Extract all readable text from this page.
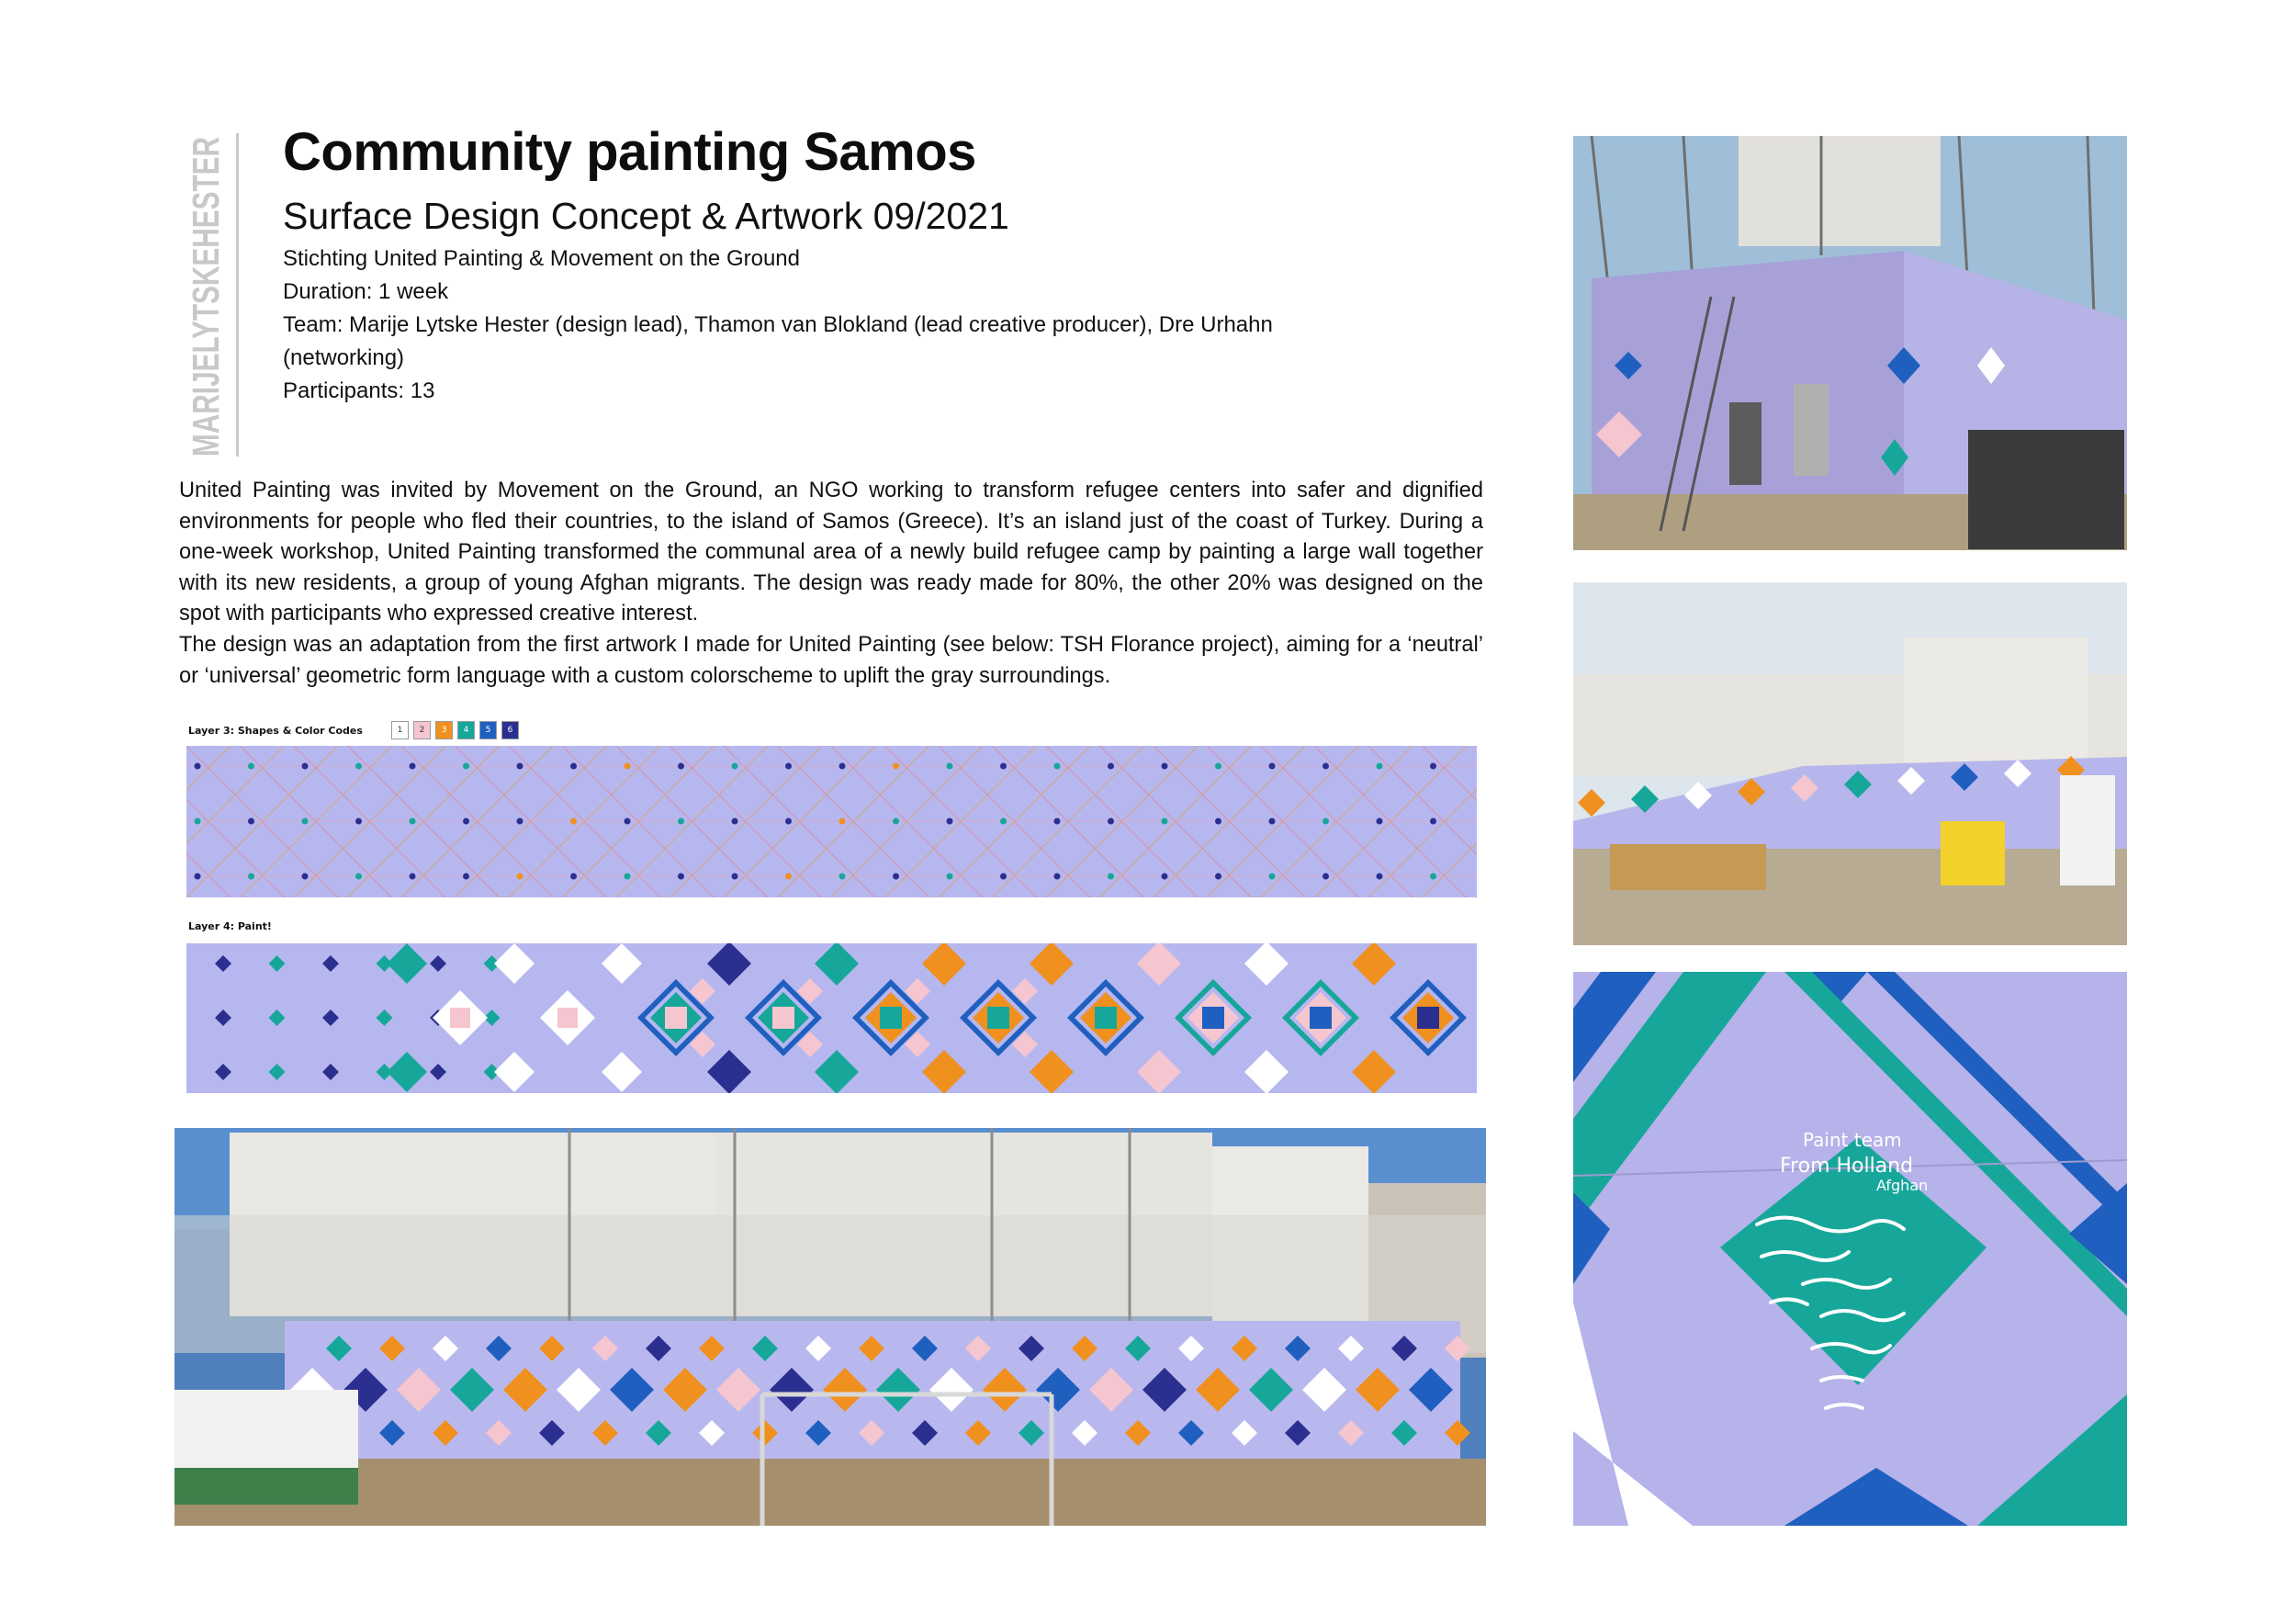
MARIJELYTSKEHESTER Community painting Samos
Surface Design Concept & Artwork 09/2021
Stichting United Painting & Movement on the Ground
Duration: 1 week
Team: Marije Lytske Hester (design lead), Thamon van Blokland (lead creative producer), Dre Urhahn (networking)
Participants: 13

United Painting was invited by Movement on the Ground, an NGO working to transform refugee centers into safer and dignified environments for people who fled their countries, to the island of Samos (Greece). It’s an island just of the coast of Turkey. During a one-week workshop, United Painting transformed the communal area of a newly build refugee camp by painting a large wall together with its new residents, a group of young Afghan migrants. The design was ready made for 80%, the other 20% was designed on the spot with participants who expressed creative interest.

The design was an adaptation from the first artwork I made for United Painting (see below: TSH Florance project), aiming for a ‘neutral’ or ‘universal’ geometric form language with a custom colorscheme to uplift the gray surroundings.

Layer 3: Shapes & Color Codes	1	2	3	4	5	6
Layer 4: Paint!
Paint team
From Holland
Afghan
